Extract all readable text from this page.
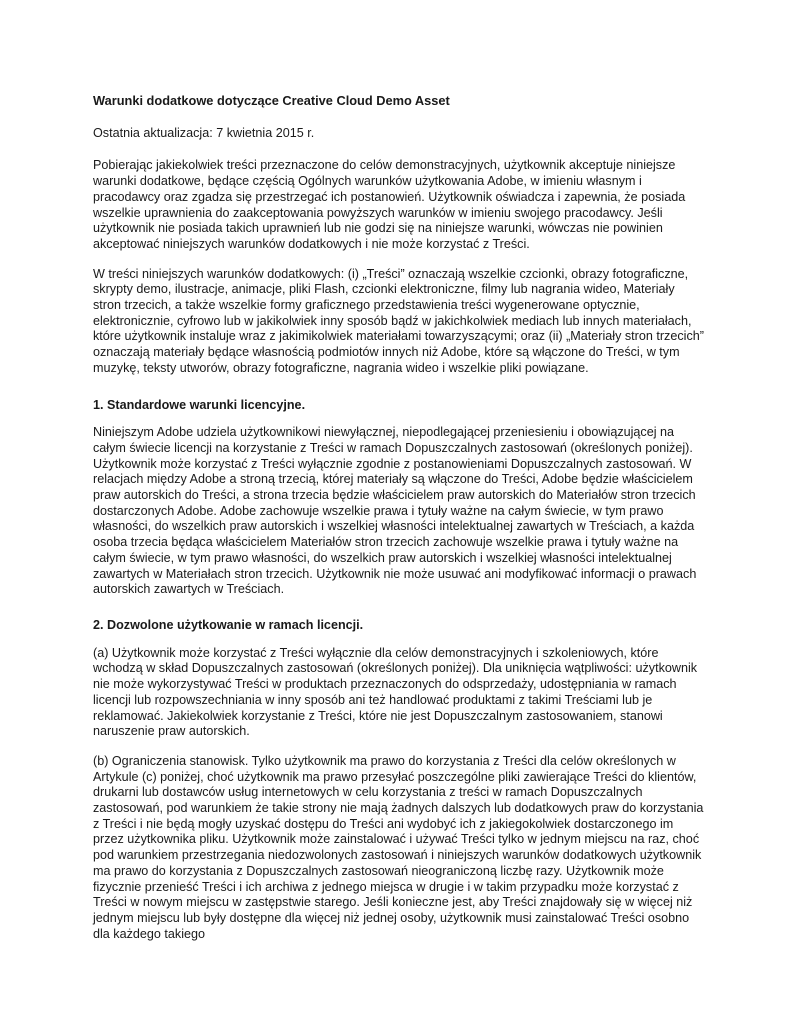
Warunki dodatkowe dotyczące Creative Cloud Demo Asset
Ostatnia aktualizacja: 7 kwietnia 2015 r.

Pobierając jakiekolwiek treści przeznaczone do celów demonstracyjnych, użytkownik akceptuje niniejsze warunki dodatkowe, będące częścią Ogólnych warunków użytkowania Adobe, w imieniu własnym i pracodawcy oraz zgadza się przestrzegać ich postanowień. Użytkownik oświadcza i zapewnia, że posiada wszelkie uprawnienia do zaakceptowania powyższych warunków w imieniu swojego pracodawcy. Jeśli użytkownik nie posiada takich uprawnień lub nie godzi się na niniejsze warunki, wówczas nie powinien akceptować niniejszych warunków dodatkowych i nie może korzystać z Treści.

W treści niniejszych warunków dodatkowych: (i) „Treści” oznaczają wszelkie czcionki, obrazy fotograficzne, skrypty demo, ilustracje, animacje, pliki Flash, czcionki elektroniczne, filmy lub nagrania wideo, Materiały stron trzecich, a także wszelkie formy graficznego przedstawienia treści wygenerowane optycznie, elektronicznie, cyfrowo lub w jakikolwiek inny sposób bądź w jakichkolwiek mediach lub innych materiałach, które użytkownik instaluje wraz z jakimikolwiek materiałami towarzyszącymi; oraz (ii) „Materiały stron trzecich” oznaczają materiały będące własnością podmiotów innych niż Adobe, które są włączone do Treści, w tym muzykę, teksty utworów, obrazy fotograficzne, nagrania wideo i wszelkie pliki powiązane.

1. Standardowe warunki licencyjne.

Niniejszym Adobe udziela użytkownikowi niewyłącznej, niepodlegającej przeniesieniu i obowiązującej na całym świecie licencji na korzystanie z Treści w ramach Dopuszczalnych zastosowań (określonych poniżej). Użytkownik może korzystać z Treści wyłącznie zgodnie z postanowieniami Dopuszczalnych zastosowań. W relacjach między Adobe a stroną trzecią, której materiały są włączone do Treści, Adobe będzie właścicielem praw autorskich do Treści, a strona trzecia będzie właścicielem praw autorskich do Materiałów stron trzecich dostarczonych Adobe. Adobe zachowuje wszelkie prawa i tytuły ważne na całym świecie, w tym prawo własności, do wszelkich praw autorskich i wszelkiej własności intelektualnej zawartych w Treściach, a każda osoba trzecia będąca właścicielem Materiałów stron trzecich zachowuje wszelkie prawa i tytuły ważne na całym świecie, w tym prawo własności, do wszelkich praw autorskich i wszelkiej własności intelektualnej zawartych w Materiałach stron trzecich. Użytkownik nie może usuwać ani modyfikować informacji o prawach autorskich zawartych w Treściach.

2. Dozwolone użytkowanie w ramach licencji.

(a) Użytkownik może korzystać z Treści wyłącznie dla celów demonstracyjnych i szkoleniowych, które wchodzą w skład Dopuszczalnych zastosowań (określonych poniżej). Dla uniknięcia wątpliwości: użytkownik nie może wykorzystywać Treści w produktach przeznaczonych do odsprzedaży, udostępniania w ramach licencji lub rozpowszechniania w inny sposób ani też handlować produktami z takimi Treściami lub je reklamować. Jakiekolwiek korzystanie z Treści, które nie jest Dopuszczalnym zastosowaniem, stanowi naruszenie praw autorskich.

(b) Ograniczenia stanowisk. Tylko użytkownik ma prawo do korzystania z Treści dla celów określonych w Artykule (c) poniżej, choć użytkownik ma prawo przesyłać poszczególne pliki zawierające Treści do klientów, drukarni lub dostawców usług internetowych w celu korzystania z treści w ramach Dopuszczalnych zastosowań, pod warunkiem że takie strony nie mają żadnych dalszych lub dodatkowych praw do korzystania z Treści i nie będą mogły uzyskać dostępu do Treści ani wydobyć ich z jakiegokolwiek dostarczonego im przez użytkownika pliku. Użytkownik może zainstalować i używać Treści tylko w jednym miejscu na raz, choć pod warunkiem przestrzegania niedozwolonych zastosowań i niniejszych warunków dodatkowych użytkownik ma prawo do korzystania z Dopuszczalnych zastosowań nieograniczoną liczbę razy. Użytkownik może fizycznie przenieść Treści i ich archiwa z jednego miejsca w drugie i w takim przypadku może korzystać z Treści w nowym miejscu w zastępstwie starego. Jeśli konieczne jest, aby Treści znajdowały się w więcej niż jednym miejscu lub były dostępne dla więcej niż jednej osoby, użytkownik musi zainstalować Treści osobno dla każdego takiego
